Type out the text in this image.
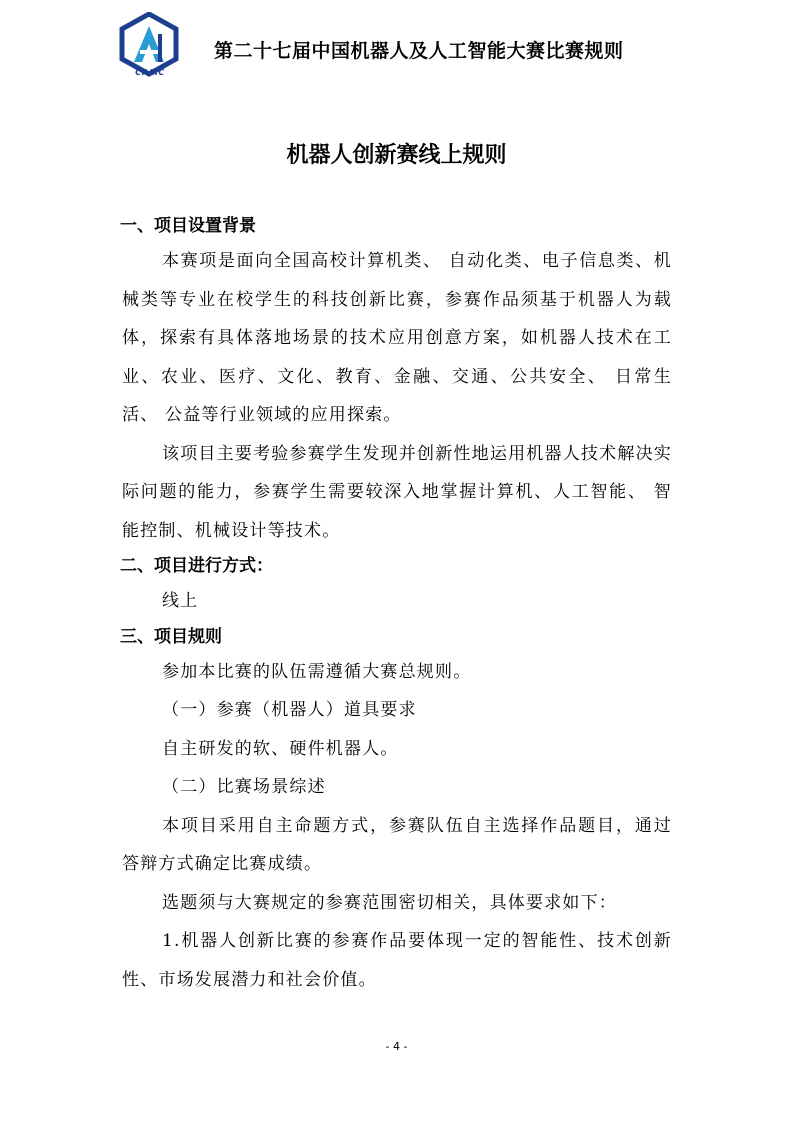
CRAIC
第二十七届中国机器人及人工智能大赛比赛规则
机器人创新赛线上规则
一、项目设置背景

本赛项是面向全国高校计算机类、 自动化类、电子信息类、机 械类等专业在校学生的科技创新比赛，参赛作品须基于机器人为载 体，探索有具体落地场景的技术应用创意方案，如机器人技术在工业、农业、医疗、文化、教育、金融、交通、公共安全、 日常生活、 公益等行业领域的应用探索。

该项目主要考验参赛学生发现并创新性地运用机器人技术解决实际问题的能力，参赛学生需要较深入地掌握计算机、人工智能、 智能控制、机械设计等技术。

二、项目进行方式：

线上

三、项目规则

参加本比赛的队伍需遵循大赛总规则。

（一）参赛（机器人）道具要求

自主研发的软、硬件机器人。

（二）比赛场景综述

本项目采用自主命题方式，参赛队伍自主选择作品题目，通过 答辩方式确定比赛成绩。

选题须与大赛规定的参赛范围密切相关，具体要求如下：

1.机器人创新比赛的参赛作品要体现一定的智能性、技术创新性、市场发展潜力和社会价值。

- 4 -
